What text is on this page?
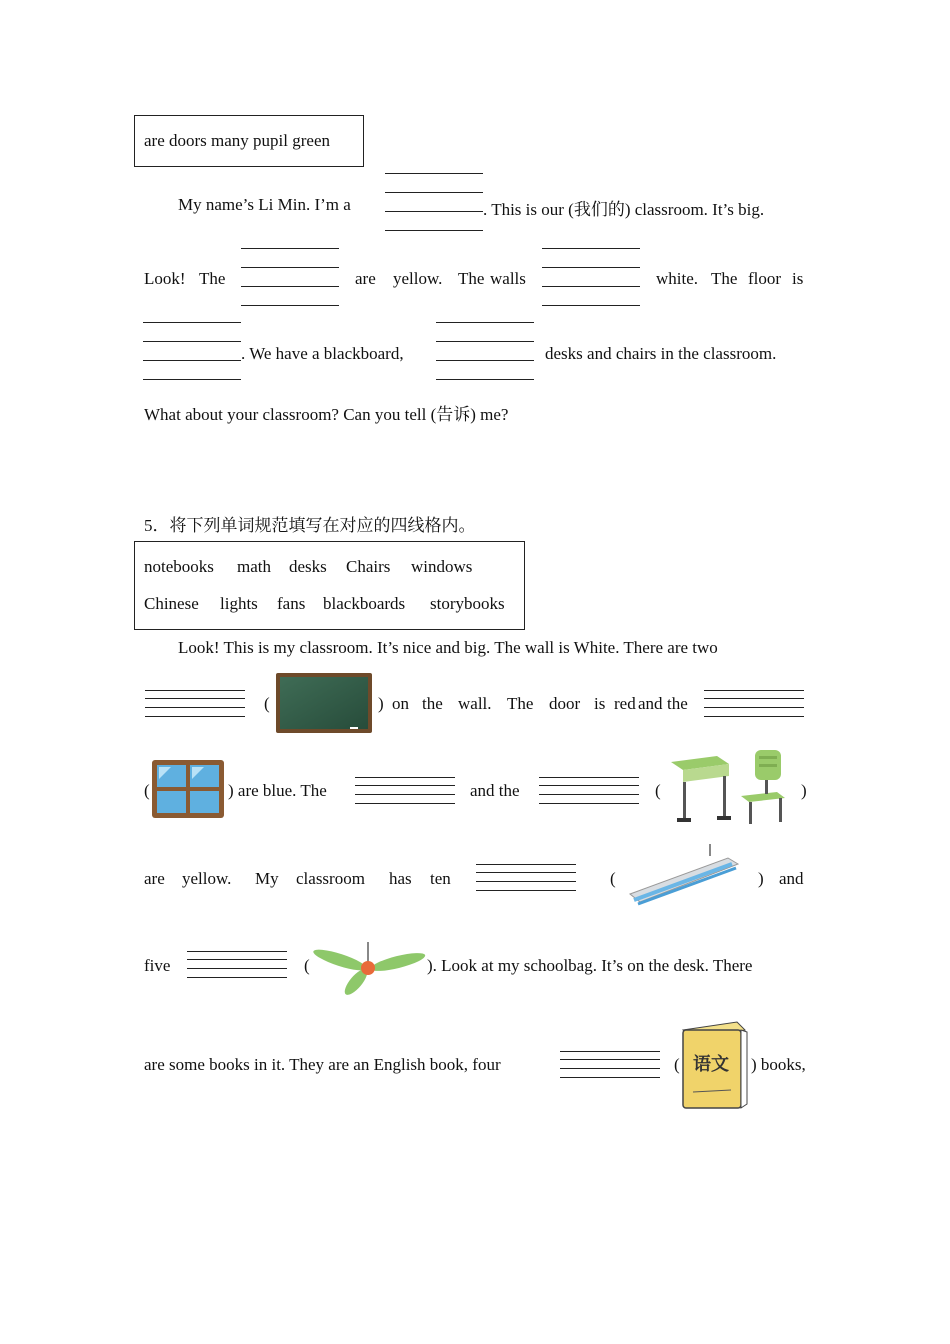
are doors many pupil green
My name’s Li Min. I’m a	. This is our (我们的) classroom. It’s big.
Look! The	are yellow. The walls	white. The floor is
. We have a blackboard,	desks and chairs in the classroom.
What about your classroom? Can you tell (告诉) me?
5．将下列单词规范填写在对应的四线格内。
notebooks math desks Chairs windows
Chinese lights fans blackboards storybooks
Look! This is my classroom. It’s nice and big. The wall is White. There are two
(	) on the wall. The door is red and the
(	) are blue. The	and the	(	)
are yellow. My classroom has ten	(	) and
five	(	). Look at my schoolbag. It’s on the desk. There
are some books in it. They are an English book, four	( 语文 ) books,
